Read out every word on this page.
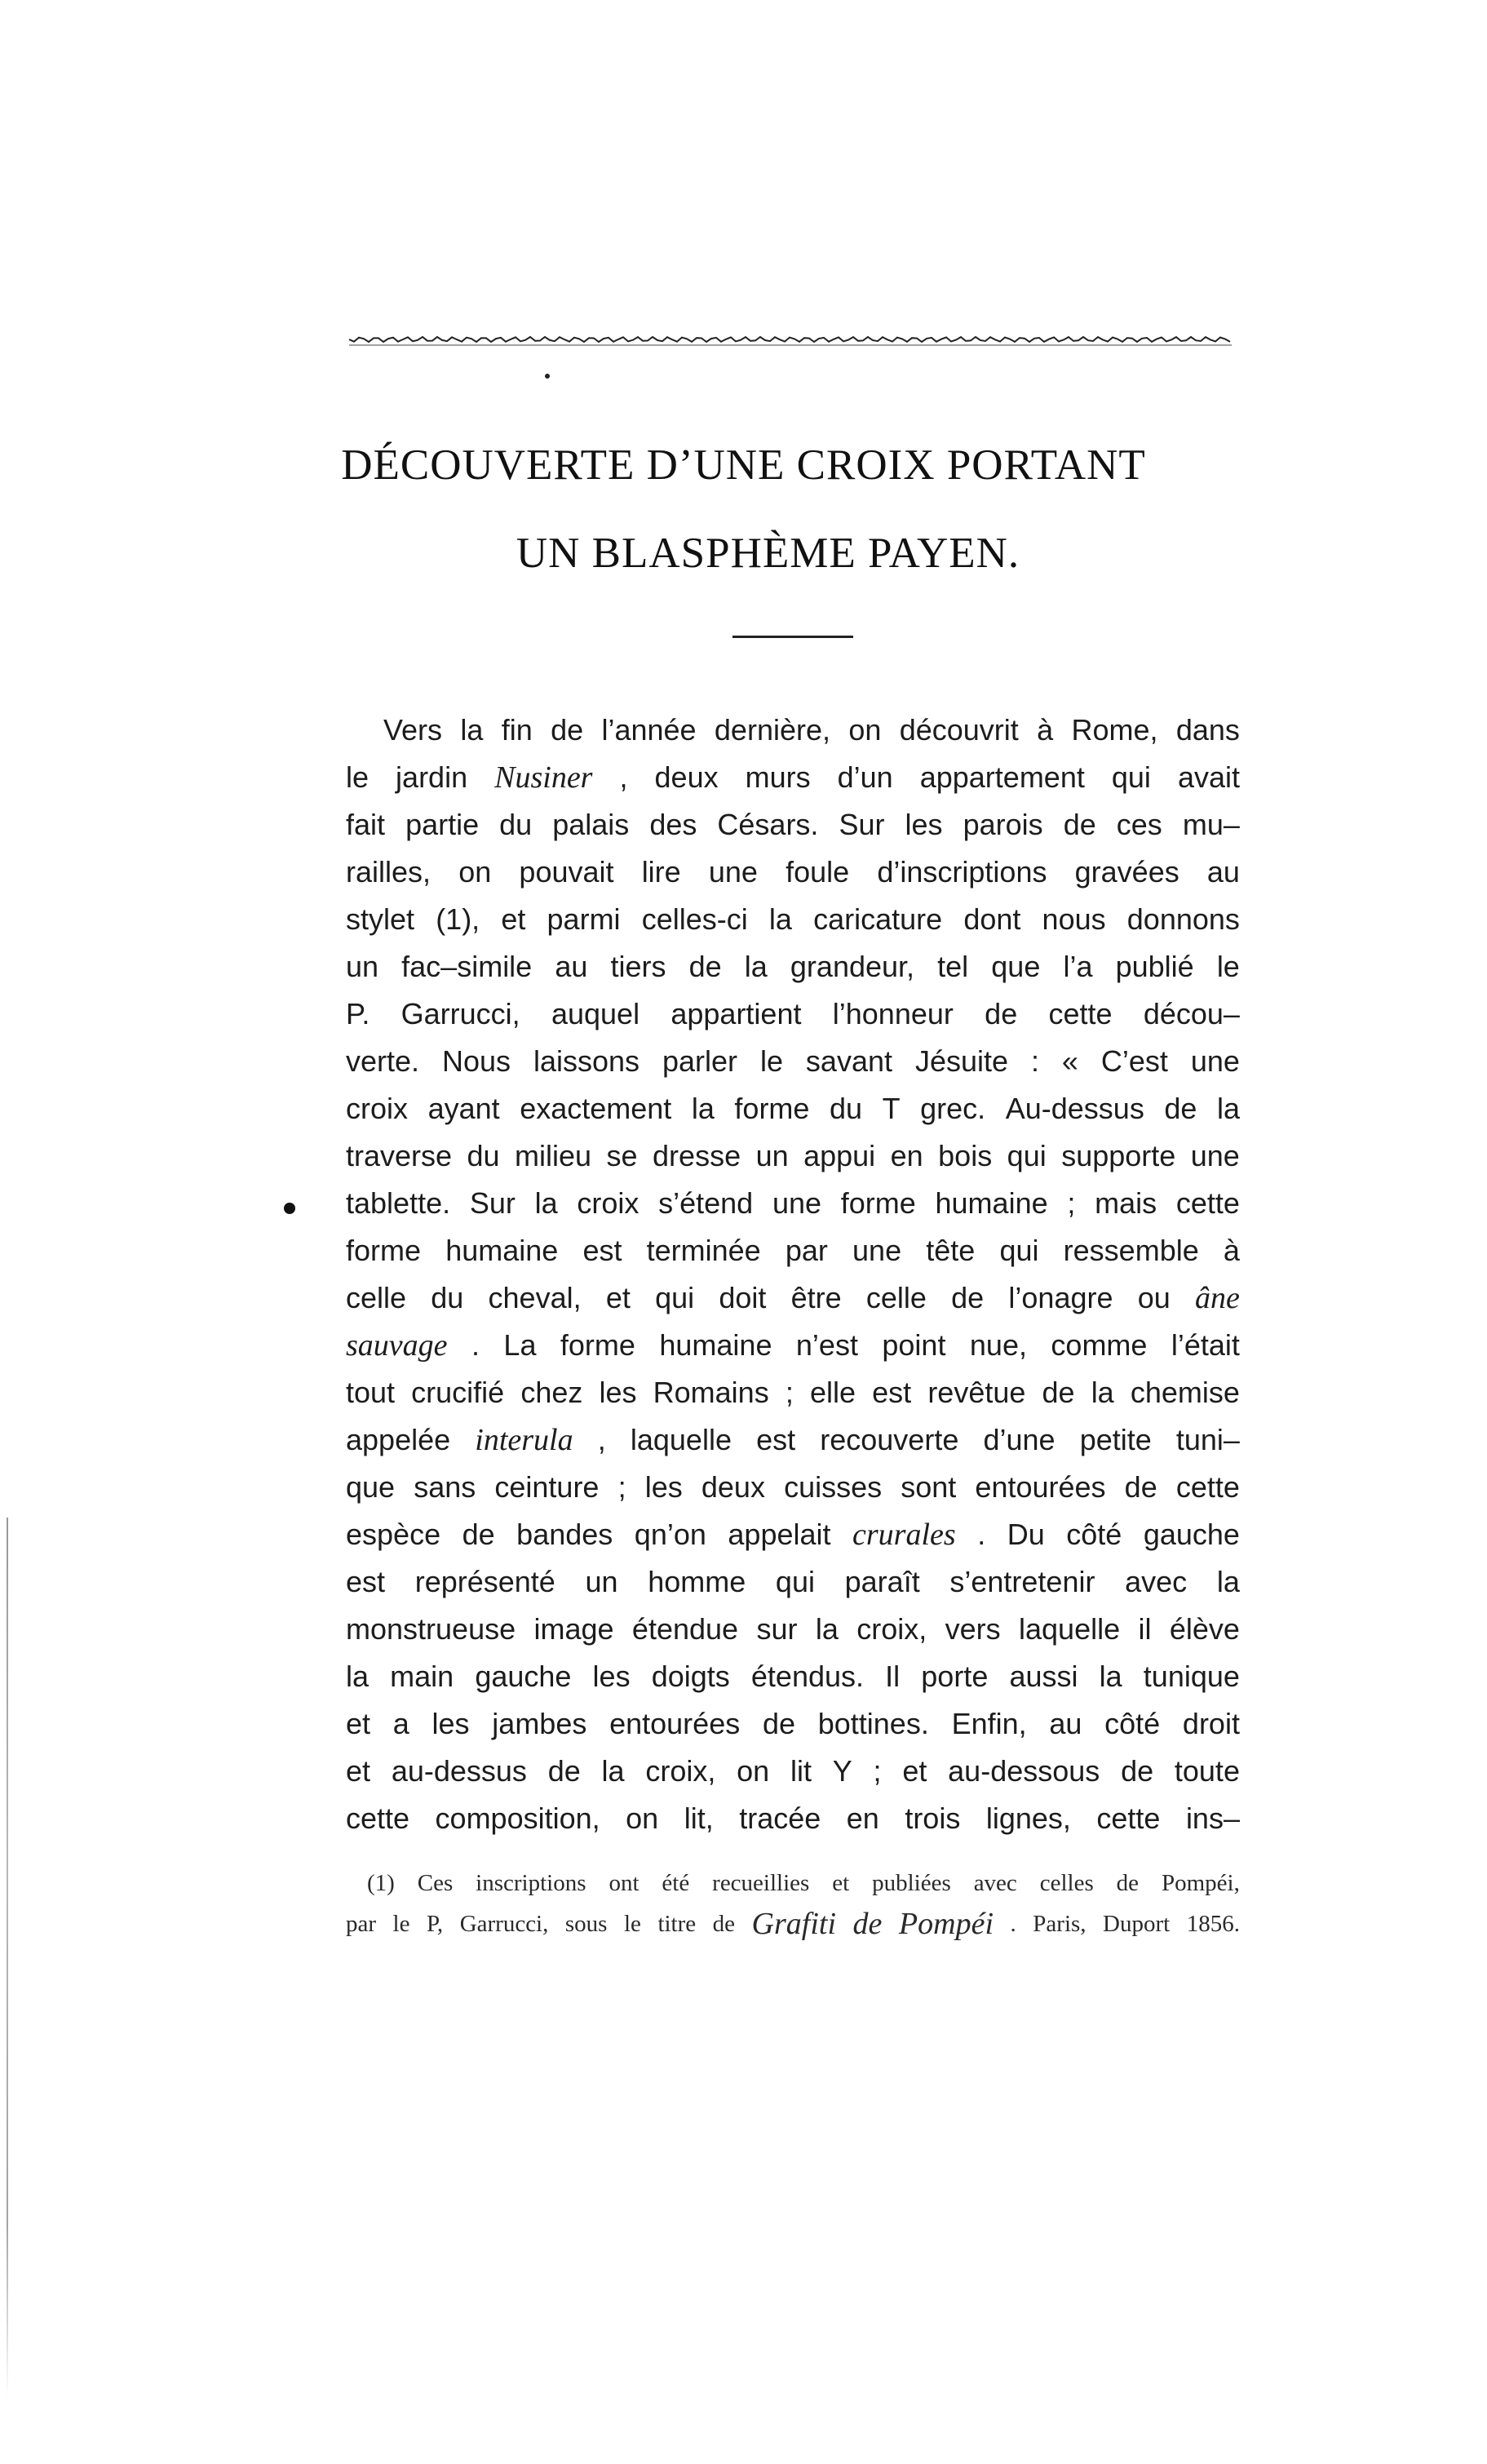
DÉCOUVERTE D’UNE CROIX PORTANT
UN BLASPHÈME PAYEN.
Vers la fin de l’année dernière, on découvrit à Rome, dans
le jardin Nusiner , deux murs d’un appartement qui avait
fait partie du palais des Césars. Sur les parois de ces mu–
railles, on pouvait lire une foule d’inscriptions gravées au
stylet (1), et parmi celles-ci la caricature dont nous donnons
un fac–simile au tiers de la grandeur, tel que l’a publié le
P. Garrucci, auquel appartient l’honneur de cette décou–
verte. Nous laissons parler le savant Jésuite : « C’est une
croix ayant exactement la forme du T grec. Au-dessus de la
traverse du milieu se dresse un appui en bois qui supporte une
tablette. Sur la croix s’étend une forme humaine ; mais cette
forme humaine est terminée par une tête qui ressemble à
celle du cheval, et qui doit être celle de l’onagre ou âne
sauvage . La forme humaine n’est point nue, comme l’était
tout crucifié chez les Romains ; elle est revêtue de la chemise
appelée interula , laquelle est recouverte d’une petite tuni–
que sans ceinture ; les deux cuisses sont entourées de cette
espèce de bandes qn’on appelait crurales . Du côté gauche
est représenté un homme qui paraît s’entretenir avec la
monstrueuse image étendue sur la croix, vers laquelle il élève
la main gauche les doigts étendus. Il porte aussi la tunique
et a les jambes entourées de bottines. Enfin, au côté droit
et au-dessus de la croix, on lit Y ; et au-dessous de toute
cette composition, on lit, tracée en trois lignes, cette ins–
(1) Ces inscriptions ont été recueillies et publiées avec celles de Pompéi,
par le P, Garrucci, sous le titre de Grafiti de Pompéi . Paris, Duport 1856.
